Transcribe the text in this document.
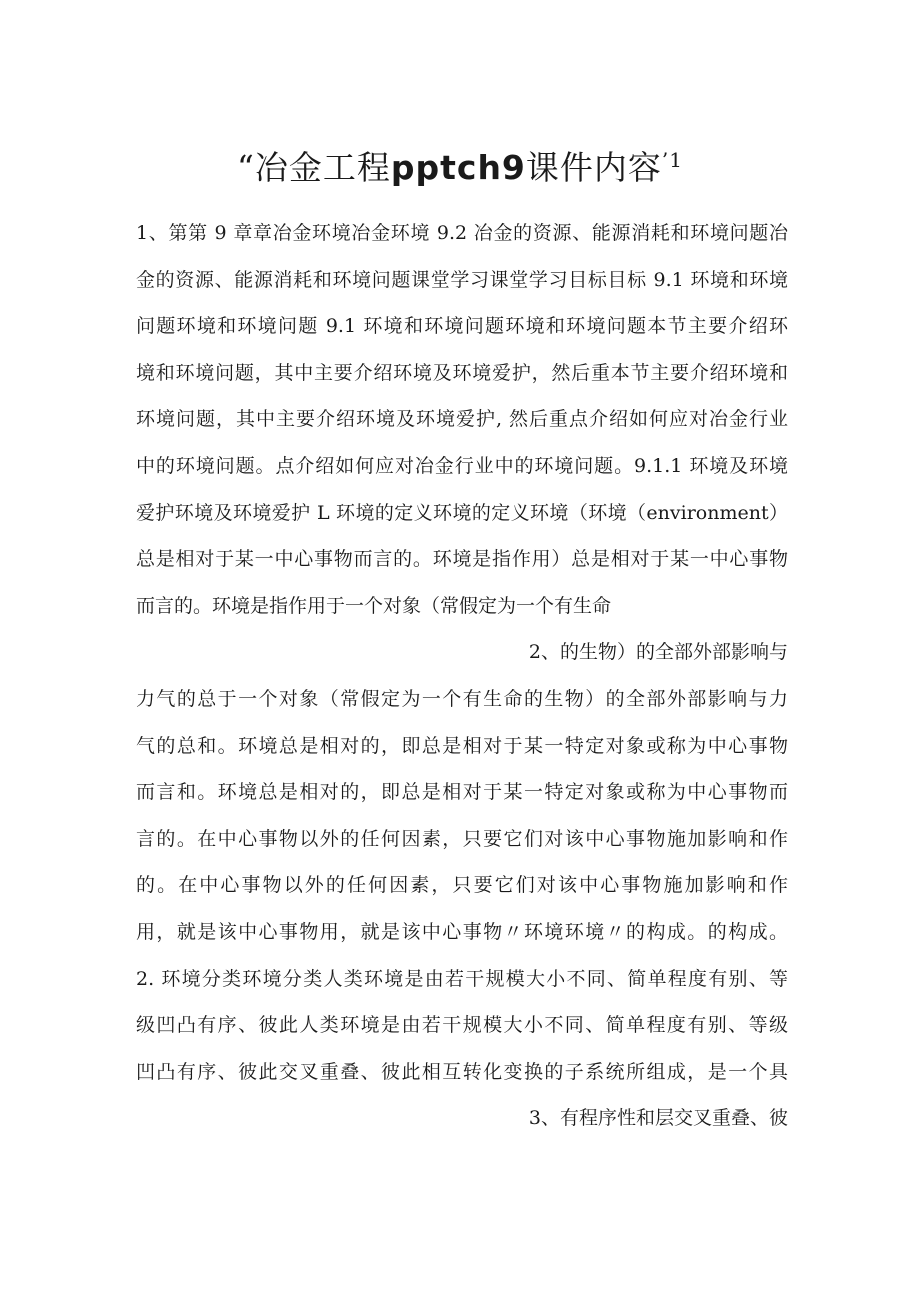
“冶金工程pptch9课件内容$^{’1}$
1、第第 9 章章冶金环境冶金环境 9.2 冶金的资源、能源消耗和环境问题冶
金的资源、能源消耗和环境问题课堂学习课堂学习目标目标 9.1 环境和环境
问题环境和环境问题 9.1 环境和环境问题环境和环境问题本节主要介绍环
境和环境问题，其中主要介绍环境及环境爱护，然后重本节主要介绍环境和
环境问题，其中主要介绍环境及环境爱护, 然后重点介绍如何应对冶金行业
中的环境问题。点介绍如何应对冶金行业中的环境问题。9.1.1 环境及环境
爱护环境及环境爱护 L 环境的定义环境的定义环境（环境（environment）
总是相对于某一中心事物而言的。环境是指作用）总是相对于某一中心事物
而言的。环境是指作用于一个对象（常假定为一个有生命
2、的生物）的全部外部影响与
力气的总于一个对象（常假定为一个有生命的生物）的全部外部影响与力
气的总和。环境总是相对的，即总是相对于某一特定对象或称为中心事物
而言和。环境总是相对的，即总是相对于某一特定对象或称为中心事物而
言的。在中心事物以外的任何因素，只要它们对该中心事物施加影响和作
的。在中心事物以外的任何因素，只要它们对该中心事物施加影响和作
用，就是该中心事物用，就是该中心事物〃环境环境〃的构成。的构成。
2. 环境分类环境分类人类环境是由若干规模大小不同、简单程度有别、等
级凹凸有序、彼此人类环境是由若干规模大小不同、简单程度有别、等级
凹凸有序、彼此交叉重叠、彼此相互转化变换的子系统所组成，是一个具
3、有程序性和层交叉重叠、彼
